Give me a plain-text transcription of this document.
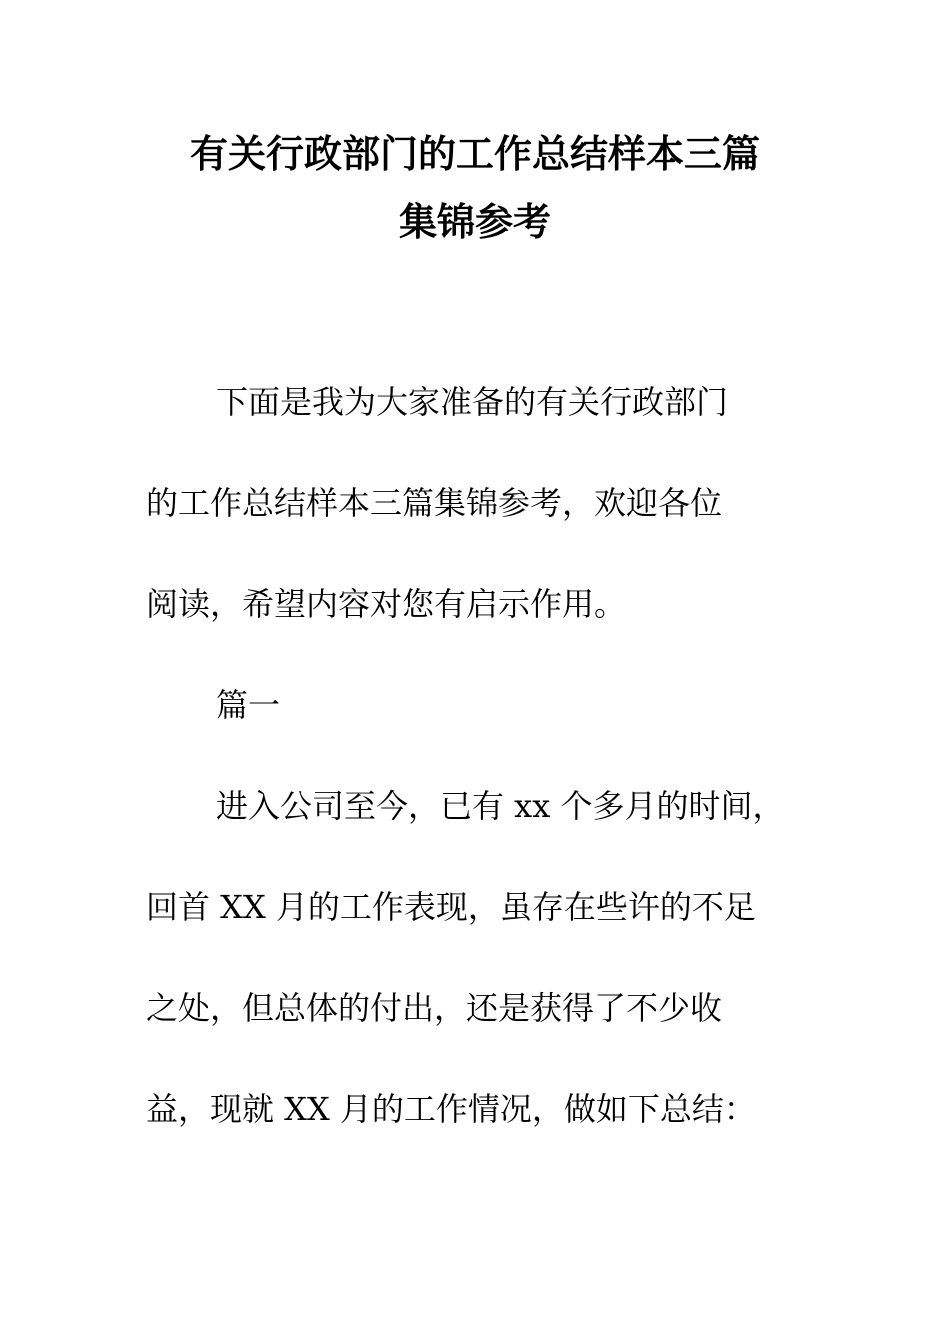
有关行政部门的工作总结样本三篇
集锦参考
下面是我为大家准备的有关行政部门
的工作总结样本三篇集锦参考，欢迎各位
阅读，希望内容对您有启示作用。
篇一
进入公司至今，已有 xx 个多月的时间，
回首 XX 月的工作表现，虽存在些许的不足
之处，但总体的付出，还是获得了不少收
益，现就 XX 月的工作情况，做如下总结：
